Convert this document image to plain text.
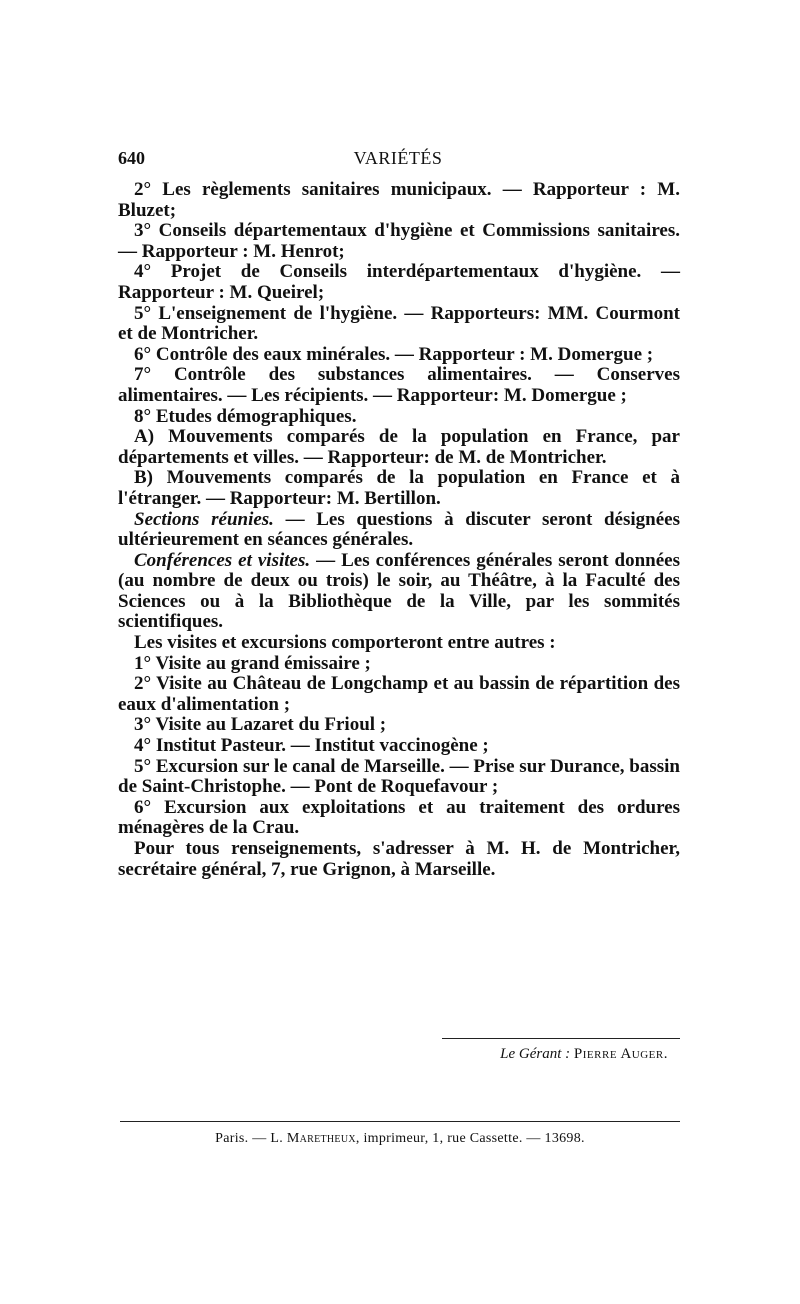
640	VARIÉTÉS

2° Les règlements sanitaires municipaux. — Rapporteur : M. Bluzet;

3° Conseils départementaux d'hygiène et Commissions sanitaires. — Rapporteur : M. Henrot;

4° Projet de Conseils interdépartementaux d'hygiène. — Rapporteur : M. Queirel;

5° L'enseignement de l'hygiène. — Rapporteurs: MM. Courmont et de Montricher.

6° Contrôle des eaux minérales. — Rapporteur : M. Domergue ;

7° Contrôle des substances alimentaires. — Conserves alimentaires. — Les récipients. — Rapporteur: M. Domergue ;

8° Etudes démographiques.

A) Mouvements comparés de la population en France, par départements et villes. — Rapporteur: de M. de Montricher.

B) Mouvements comparés de la population en France et à l'étranger. — Rapporteur: M. Bertillon.

Sections réunies. — Les questions à discuter seront désignées ultérieurement en séances générales.

Conférences et visites. — Les conférences générales seront données (au nombre de deux ou trois) le soir, au Théâtre, à la Faculté des Sciences ou à la Bibliothèque de la Ville, par les sommités scientifiques.

Les visites et excursions comporteront entre autres :

1° Visite au grand émissaire ;

2° Visite au Château de Longchamp et au bassin de répartition des eaux d'alimentation ;

3° Visite au Lazaret du Frioul ;

4° Institut Pasteur. — Institut vaccinogène ;

5° Excursion sur le canal de Marseille. — Prise sur Durance, bassin de Saint-Christophe. — Pont de Roquefavour ;

6° Excursion aux exploitations et au traitement des ordures ménagères de la Crau.

Pour tous renseignements, s'adresser à M. H. de Montricher, secrétaire général, 7, rue Grignon, à Marseille.

Le Gérant : Pierre Auger.
Paris. — L. Maretheux, imprimeur, 1, rue Cassette. — 13698.
